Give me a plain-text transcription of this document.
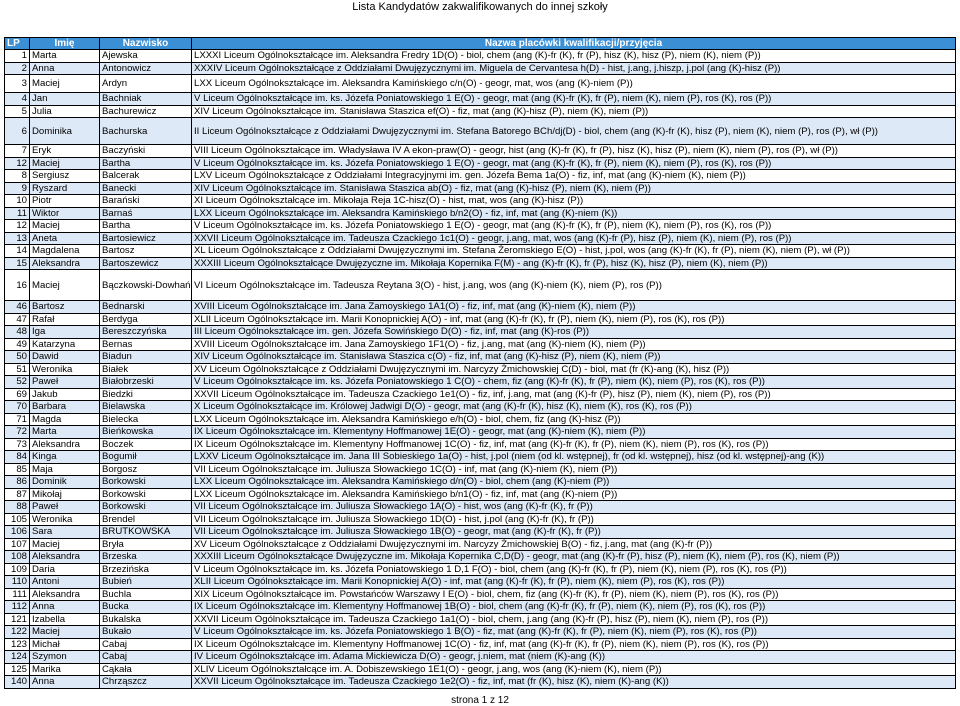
Lista Kandydatów zakwalifikowanych do innej szkoły
LP	Imię	Nazwisko	Nazwa placówki kwalifikacji/przyjęcia
1	Marta	Ajewska	LXXXI Liceum Ogólnokształcące im. Aleksandra Fredry 1D(O) - biol, chem (ang (K)-fr (K), fr (P), hisz (K), hisz (P), niem (K), niem (P))
2	Anna	Antonowicz	XXXIV Liceum Ogólnokształcące z Oddziałami Dwujęzycznymi im. Miguela de Cervantesa h(D) - hist, j.ang, j.hiszp, j.pol (ang (K)-hisz (P))
3	Maciej	Ardyn	LXX Liceum Ogólnokształcące im. Aleksandra Kamińskiego c/n(O) - geogr, mat, wos (ang (K)-niem (P))
4	Jan	Bachniak	V Liceum Ogólnokształcące im. ks. Józefa Poniatowskiego 1 E(O) - geogr, mat (ang (K)-fr (K), fr (P), niem (K), niem (P), ros (K), ros (P))
5	Julia	Bachurewicz	XIV Liceum Ogólnokształcące im. Stanisława Staszica ef(O) - fiz, mat (ang (K)-hisz (P), niem (K), niem (P))
6	Dominika	Bachurska	II Liceum Ogólnokształcące z Oddziałami Dwujęzycznymi im. Stefana Batorego BCh/dj(D) - biol, chem (ang (K)-fr (K), hisz (P), niem (K), niem (P), ros (P), wł (P))
7	Eryk	Baczyński	VIII Liceum Ogólnokształcące im. Władysława IV A ekon-praw(O) - geogr, hist (ang (K)-fr (K), fr (P), hisz (K), hisz (P), niem (K), niem (P), ros (P), wł (P))
12	Maciej	Bartha	V Liceum Ogólnokształcące im. ks. Józefa Poniatowskiego 1 E(O) - geogr, mat (ang (K)-fr (K), fr (P), niem (K), niem (P), ros (K), ros (P))
8	Sergiusz	Balcerak	LXV Liceum Ogólnokształcące z Oddziałami Integracyjnymi im. gen. Józefa Bema 1a(O) - fiz, inf, mat (ang (K)-niem (K), niem (P))
9	Ryszard	Banecki	XIV Liceum Ogólnokształcące im. Stanisława Staszica ab(O) - fiz, mat (ang (K)-hisz (P), niem (K), niem (P))
10	Piotr	Barański	XI Liceum Ogólnokształcące im. Mikołaja Reja 1C-hisz(O) - hist, mat, wos (ang (K)-hisz (P))
11	Wiktor	Barnaś	LXX Liceum Ogólnokształcące im. Aleksandra Kamińskiego b/n2(O) - fiz, inf, mat (ang (K)-niem (K))
12	Maciej	Bartha	V Liceum Ogólnokształcące im. ks. Józefa Poniatowskiego 1 E(O) - geogr, mat (ang (K)-fr (K), fr (P), niem (K), niem (P), ros (K), ros (P))
13	Aneta	Bartosiewicz	XXVII Liceum Ogólnokształcące im. Tadeusza Czackiego 1c1(O) - geogr, j.ang, mat, wos (ang (K)-fr (P), hisz (P), niem (K), niem (P), ros (P))
14	Magdalena	Bartosz	XL Liceum Ogólnokształcące z Oddziałami Dwujęzycznymi im. Stefana Żeromskiego E(O) - hist, j.pol, wos (ang (K)-fr (K), fr (P), niem (K), niem (P), wł (P))
15	Aleksandra	Bartoszewicz	XXXIII Liceum Ogólnokształcące Dwujęzyczne im. Mikołaja Kopernika F(M) - ang (K)-fr (K), fr (P), hisz (K), hisz (P), niem (K), niem (P))
16	Maciej	Bączkowski-Dowhań	VI Liceum Ogólnokształcące im. Tadeusza Reytana 3(O) - hist, j.ang, wos (ang (K)-niem (K), niem (P), ros (P))
46	Bartosz	Bednarski	XVIII Liceum Ogólnokształcące im. Jana Zamoyskiego 1A1(O) - fiz, inf, mat (ang (K)-niem (K), niem (P))
47	Rafał	Berdyga	XLII Liceum Ogólnokształcące im. Marii Konopnickiej A(O) - inf, mat (ang (K)-fr (K), fr (P), niem (K), niem (P), ros (K), ros (P))
48	Iga	Bereszczyńska	III Liceum Ogólnokształcące im. gen. Józefa Sowińskiego D(O) - fiz, inf, mat (ang (K)-ros (P))
49	Katarzyna	Bernas	XVIII Liceum Ogólnokształcące im. Jana Zamoyskiego 1F1(O) - fiz, j.ang, mat (ang (K)-niem (K), niem (P))
50	Dawid	Biadun	XIV Liceum Ogólnokształcące im. Stanisława Staszica c(O) - fiz, inf, mat (ang (K)-hisz (P), niem (K), niem (P))
51	Weronika	Białek	XV Liceum Ogólnokształcące z Oddziałami Dwujęzycznymi im. Narcyzy Żmichowskiej C(D) - biol, mat (fr (K)-ang (K), hisz (P))
52	Paweł	Białobrzeski	V Liceum Ogólnokształcące im. ks. Józefa Poniatowskiego 1 C(O) - chem, fiz (ang (K)-fr (K), fr (P), niem (K), niem (P), ros (K), ros (P))
69	Jakub	Biedzki	XXVII Liceum Ogólnokształcące im. Tadeusza Czackiego 1e1(O) - fiz, inf, j.ang, mat (ang (K)-fr (P), hisz (P), niem (K), niem (P), ros (P))
70	Barbara	Bielawska	X Liceum Ogólnokształcące im. Królowej Jadwigi D(O) - geogr, mat (ang (K)-fr (K), hisz (K), niem (K), ros (K), ros (P))
71	Magda	Bielecka	LXX Liceum Ogólnokształcące im. Aleksandra Kamińskiego e/h(O) - biol, chem, fiz (ang (K)-hisz (P))
72	Marta	Bieńkowska	IX Liceum Ogólnokształcące im. Klementyny Hoffmanowej 1E(O) - geogr, mat (ang (K)-niem (K), niem (P))
73	Aleksandra	Boczek	IX Liceum Ogólnokształcące im. Klementyny Hoffmanowej 1C(O) - fiz, inf, mat (ang (K)-fr (K), fr (P), niem (K), niem (P), ros (K), ros (P))
84	Kinga	Bogumił	LXXV Liceum Ogólnokształcące im. Jana III Sobieskiego 1a(O) - hist, j.pol (niem (od kl. wstępnej), fr (od kl. wstępnej), hisz (od kl. wstępnej)-ang (K))
85	Maja	Borgosz	VII Liceum Ogólnokształcące im. Juliusza Słowackiego 1C(O) - inf, mat (ang (K)-niem (K), niem (P))
86	Dominik	Borkowski	LXX Liceum Ogólnokształcące im. Aleksandra Kamińskiego d/n(O) - biol, chem (ang (K)-niem (P))
87	Mikołaj	Borkowski	LXX Liceum Ogólnokształcące im. Aleksandra Kamińskiego b/n1(O) - fiz, inf, mat (ang (K)-niem (P))
88	Paweł	Borkowski	VII Liceum Ogólnokształcące im. Juliusza Słowackiego 1A(O) - hist, wos (ang (K)-fr (K), fr (P))
105	Weronika	Brendel	VII Liceum Ogólnokształcące im. Juliusza Słowackiego 1D(O) - hist, j.pol (ang (K)-fr (K), fr (P))
106	Sara	BRUTKOWSKA	VII Liceum Ogólnokształcące im. Juliusza Słowackiego 1B(O) - geogr, mat (ang (K)-fr (K), fr (P))
107	Maciej	Bryła	XV Liceum Ogólnokształcące z Oddziałami Dwujęzycznymi im. Narcyzy Żmichowskiej B(O) - fiz, j.ang, mat (ang (K)-fr (P))
108	Aleksandra	Brzeska	XXXIII Liceum Ogólnokształcące Dwujęzyczne im. Mikołaja Kopernika C,D(D) - geogr, mat (ang (K)-fr (P), hisz (P), niem (K), niem (P), ros (K), niem (P))
109	Daria	Brzezińska	V Liceum Ogólnokształcące im. ks. Józefa Poniatowskiego 1 D,1 F(O) - biol, chem (ang (K)-fr (K), fr (P), niem (K), niem (P), ros (K), ros (P))
110	Antoni	Bubień	XLII Liceum Ogólnokształcące im. Marii Konopnickiej A(O) - inf, mat (ang (K)-fr (K), fr (P), niem (K), niem (P), ros (K), ros (P))
111	Aleksandra	Buchla	XIX Liceum Ogólnokształcące im. Powstańców Warszawy I E(O) - biol, chem, fiz (ang (K)-fr (K), fr (P), niem (K), niem (P), ros (K), ros (P))
112	Anna	Bucka	IX Liceum Ogólnokształcące im. Klementyny Hoffmanowej 1B(O) - biol, chem (ang (K)-fr (K), fr (P), niem (K), niem (P), ros (K), ros (P))
121	Izabella	Bukalska	XXVII Liceum Ogólnokształcące im. Tadeusza Czackiego 1a1(O) - biol, chem, j.ang (ang (K)-fr (P), hisz (P), niem (K), niem (P), ros (P))
122	Maciej	Bukało	V Liceum Ogólnokształcące im. ks. Józefa Poniatowskiego 1 B(O) - fiz, mat (ang (K)-fr (K), fr (P), niem (K), niem (P), ros (K), ros (P))
123	Michał	Cabaj	IX Liceum Ogólnokształcące im. Klementyny Hoffmanowej 1C(O) - fiz, inf, mat (ang (K)-fr (K), fr (P), niem (K), niem (P), ros (K), ros (P))
124	Szymon	Cabaj	IV Liceum Ogólnokształcące im. Adama Mickiewicza D(O) - geogr, j.niem, mat (niem (K)-ang (K))
125	Marika	Cąkała	XLIV Liceum Ogólnokształcące im. A. Dobiszewskiego 1E1(O) - geogr, j.ang, wos (ang (K)-niem (K), niem (P))
140	Anna	Chrząszcz	XXVII Liceum Ogólnokształcące im. Tadeusza Czackiego 1e2(O) - fiz, inf, mat (fr (K), hisz (K), niem (K)-ang (K))
strona 1 z 12
